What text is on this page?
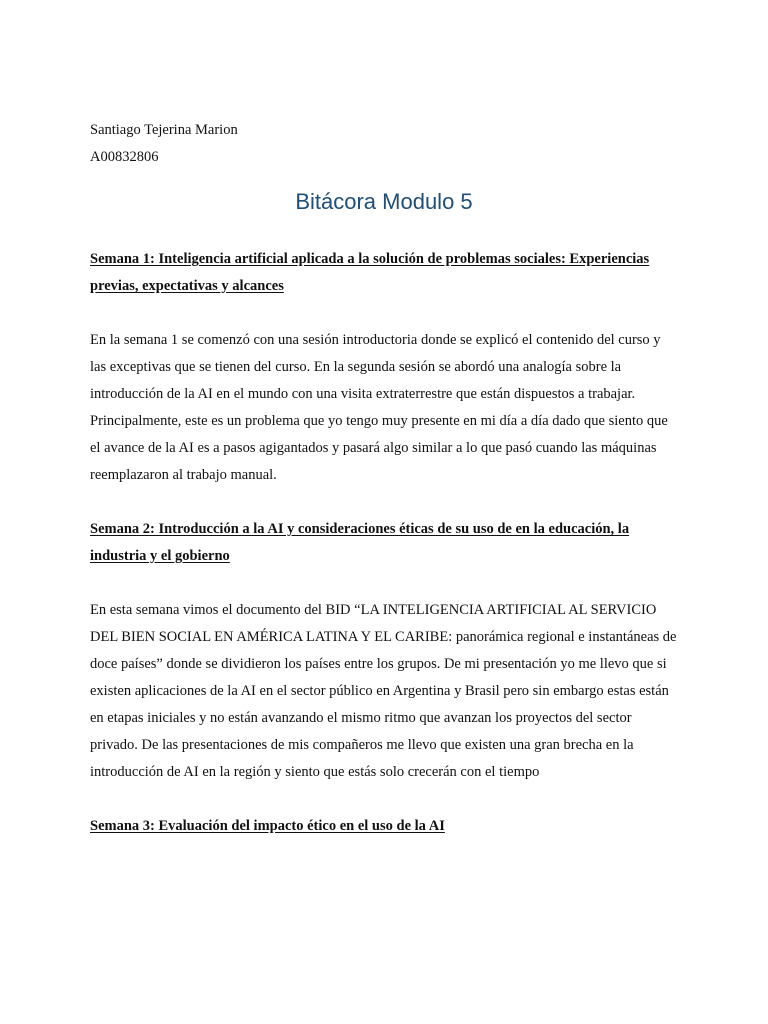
Santiago Tejerina Marion

A00832806

Bitácora Modulo 5

Semana 1: Inteligencia artificial aplicada a la solución de problemas sociales: Experiencias previas, expectativas y alcances

En la semana 1 se comenzó con una sesión introductoria donde se explicó el contenido del curso y las exceptivas que se tienen del curso. En la segunda sesión se abordó una analogía sobre la introducción de la AI en el mundo con una visita extraterrestre que están dispuestos a trabajar. Principalmente, este es un problema que yo tengo muy presente en mi día a día dado que siento que el avance de la AI es a pasos agigantados y pasará algo similar a lo que pasó cuando las máquinas reemplazaron al trabajo manual.

Semana 2: Introducción a la AI y consideraciones éticas de su uso de en la educación, la industria y el gobierno

En esta semana vimos el documento del BID “LA INTELIGENCIA ARTIFICIAL AL SERVICIO DEL BIEN SOCIAL EN AMÉRICA LATINA Y EL CARIBE: panorámica regional e instantáneas de doce países” donde se dividieron los países entre los grupos. De mi presentación yo me llevo que si existen aplicaciones de la AI en el sector público en Argentina y Brasil pero sin embargo estas están en etapas iniciales y no están avanzando el mismo ritmo que avanzan los proyectos del sector privado. De las presentaciones de mis compañeros me llevo que existen una gran brecha en la introducción de AI en la región y siento que estás solo crecerán con el tiempo

Semana 3: Evaluación del impacto ético en el uso de la AI
